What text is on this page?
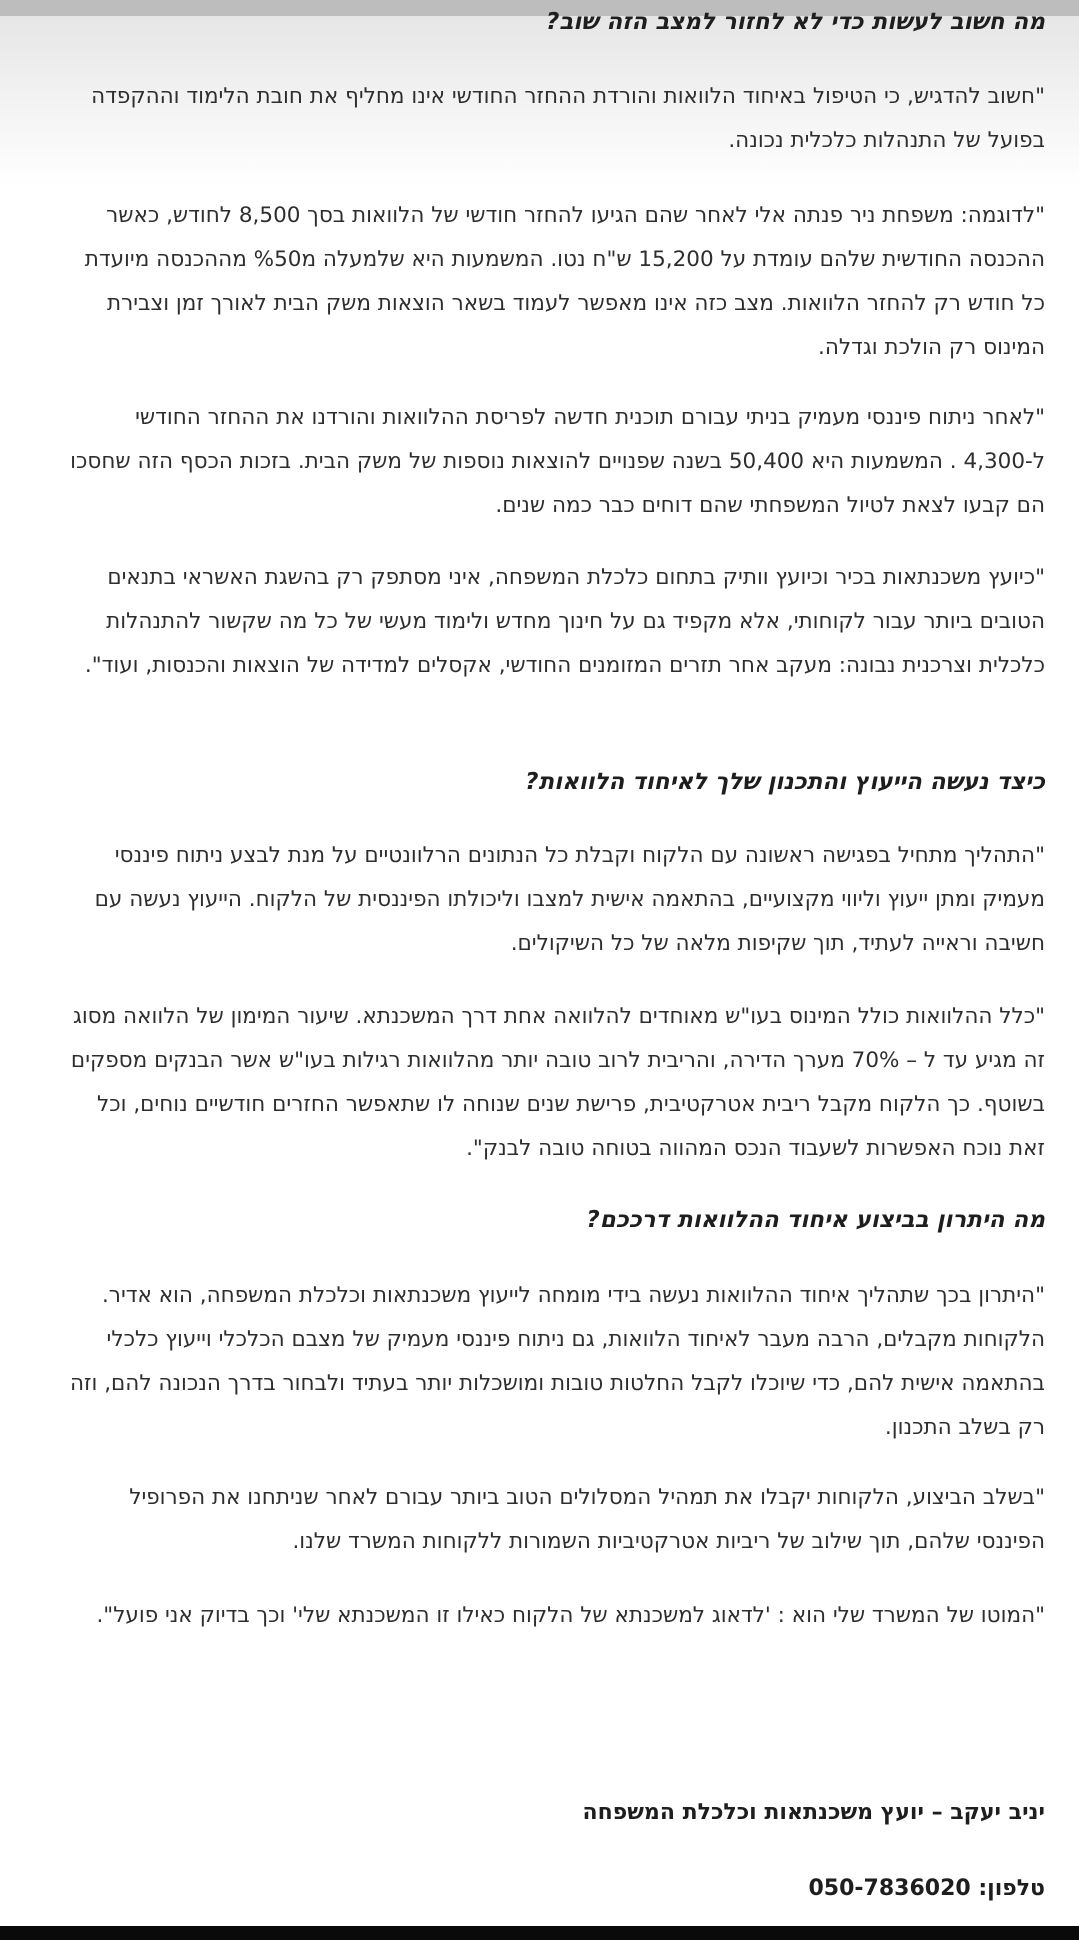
מה חשוב לעשות כדי לא לחזור למצב הזה שוב?

"חשוב להדגיש, כי הטיפול באיחוד הלוואות והורדת ההחזר החודשי אינו מחליף את חובת הלימוד וההקפדה בפועל של התנהלות כלכלית נכונה.

"לדוגמה: משפחת ניר פנתה אלי לאחר שהם הגיעו להחזר חודשי של הלוואות בסך 8,500 לחודש, כאשר ההכנסה החודשית שלהם עומדת על 15,200 ש"ח נטו. המשמעות היא שלמעלה מ%50 מההכנסה מיועדת כל חודש רק להחזר הלוואות. מצב כזה אינו מאפשר לעמוד בשאר הוצאות משק הבית לאורך זמן וצבירת המינוס רק הולכת וגדלה.

"לאחר ניתוח פיננסי מעמיק בניתי עבורם תוכנית חדשה לפריסת ההלוואות והורדנו את ההחזר החודשי ל-4,300 . המשמעות היא 50,400 בשנה שפנויים להוצאות נוספות של משק הבית. בזכות הכסף הזה שחסכו הם קבעו לצאת לטיול המשפחתי שהם דוחים כבר כמה שנים.

"כיועץ משכנתאות בכיר וכיועץ וותיק בתחום כלכלת המשפחה, איני מסתפק רק בהשגת האשראי בתנאים הטובים ביותר עבור לקוחותי, אלא מקפיד גם על חינוך מחדש ולימוד מעשי של כל מה שקשור להתנהלות כלכלית וצרכנית נבונה: מעקב אחר תזרים המזומנים החודשי, אקסלים למדידה של הוצאות והכנסות, ועוד".

כיצד נעשה הייעוץ והתכנון שלך לאיחוד הלוואות?

"התהליך מתחיל בפגישה ראשונה עם הלקוח וקבלת כל הנתונים הרלוונטיים על מנת לבצע ניתוח פיננסי מעמיק ומתן ייעוץ וליווי מקצועיים, בהתאמה אישית למצבו וליכולתו הפיננסית של הלקוח. הייעוץ נעשה עם חשיבה וראייה לעתיד, תוך שקיפות מלאה של כל השיקולים.

"כלל ההלוואות כולל המינוס בעו"ש מאוחדים להלוואה אחת דרך המשכנתא. שיעור המימון של הלוואה מסוג זה מגיע עד ל – 70% מערך הדירה, והריבית לרוב טובה יותר מהלוואות רגילות בעו"ש אשר הבנקים מספקים בשוטף. כך הלקוח מקבל ריבית אטרקטיבית, פרישת שנים שנוחה לו שתאפשר החזרים חודשיים נוחים, וכל זאת נוכח האפשרות לשעבוד הנכס המהווה בטוחה טובה לבנק".

מה היתרון בביצוע איחוד ההלוואות דרככם?

"היתרון בכך שתהליך איחוד ההלוואות נעשה בידי מומחה לייעוץ משכנתאות וכלכלת המשפחה, הוא אדיר. הלקוחות מקבלים, הרבה מעבר לאיחוד הלוואות, גם ניתוח פיננסי מעמיק של מצבם הכלכלי וייעוץ כלכלי בהתאמה אישית להם, כדי שיוכלו לקבל החלטות טובות ומושכלות יותר בעתיד ולבחור בדרך הנכונה להם, וזה רק בשלב התכנון.

"בשלב הביצוע, הלקוחות יקבלו את תמהיל המסלולים הטוב ביותר עבורם לאחר שניתחנו את הפרופיל הפיננסי שלהם, תוך שילוב של ריביות אטרקטיביות השמורות ללקוחות המשרד שלנו.

"המוטו של המשרד שלי הוא : 'לדאוג למשכנתא של הלקוח כאילו זו המשכנתא שלי' וכך בדיוק אני פועל".

יניב יעקב – יועץ משכנתאות וכלכלת המשפחה

טלפון: 050-7836020
